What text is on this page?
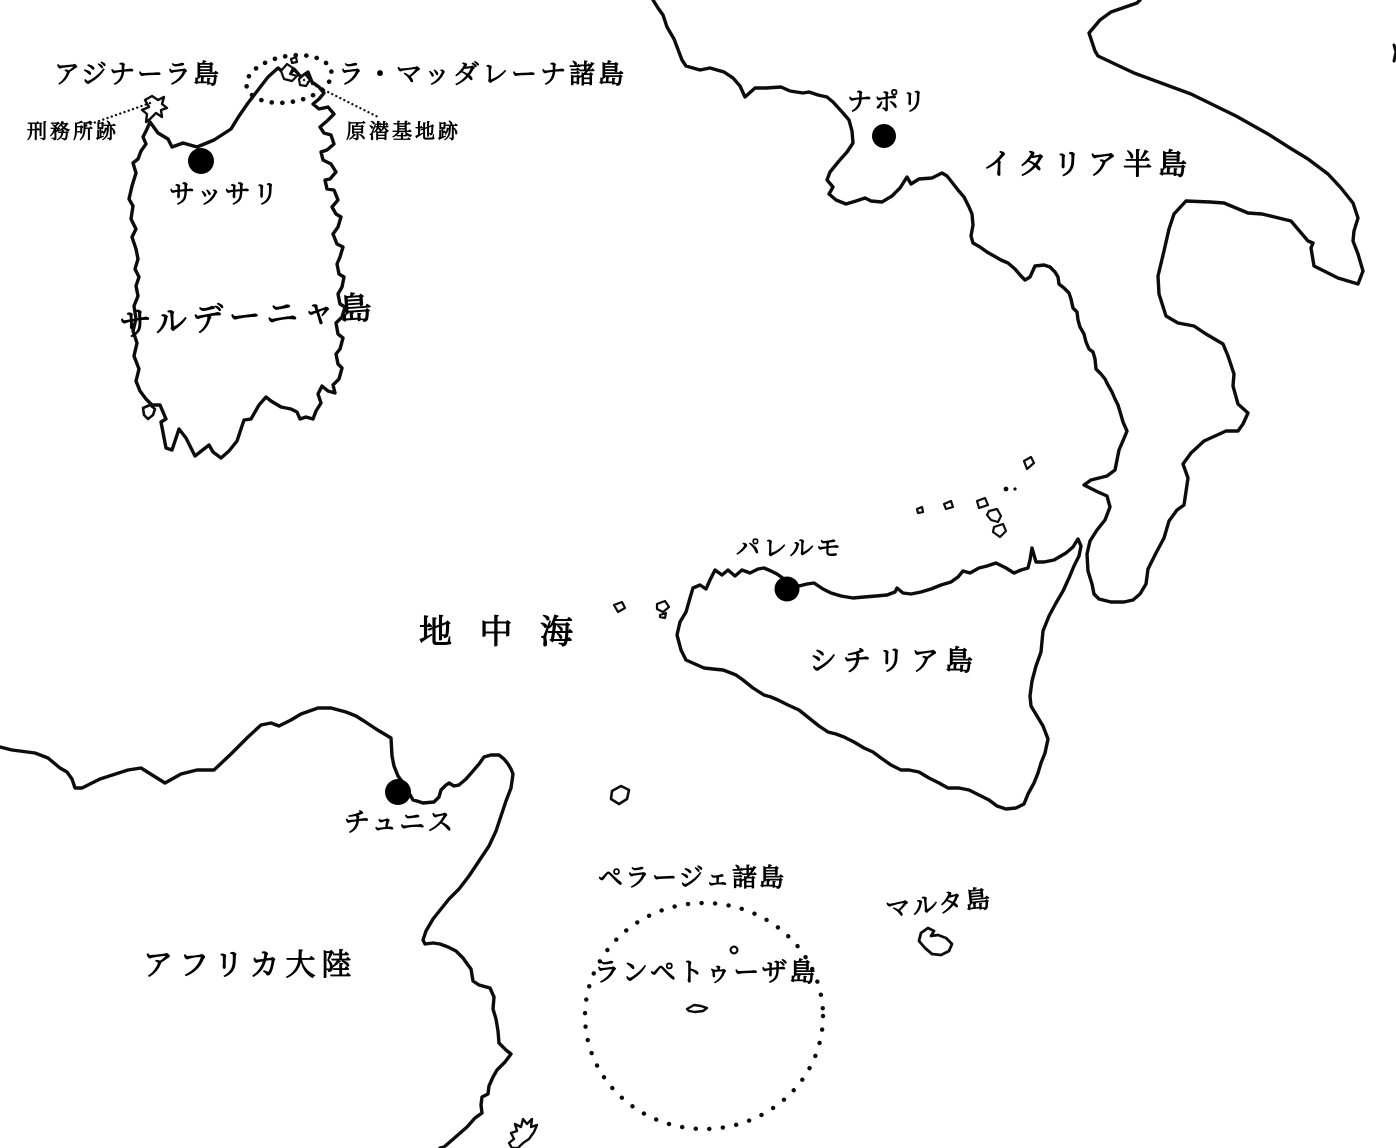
アジナーラ島	ラ・マッダレーナ諸島
刑務所跡	原潜基地跡
サッサリ
サルデーニャ島
ナポリ
イタリア半島
パレルモ
シチリア島
地 中 海
チュニス
ペラージェ諸島
マルタ島
ランペトゥーザ島
アフリカ大陸
